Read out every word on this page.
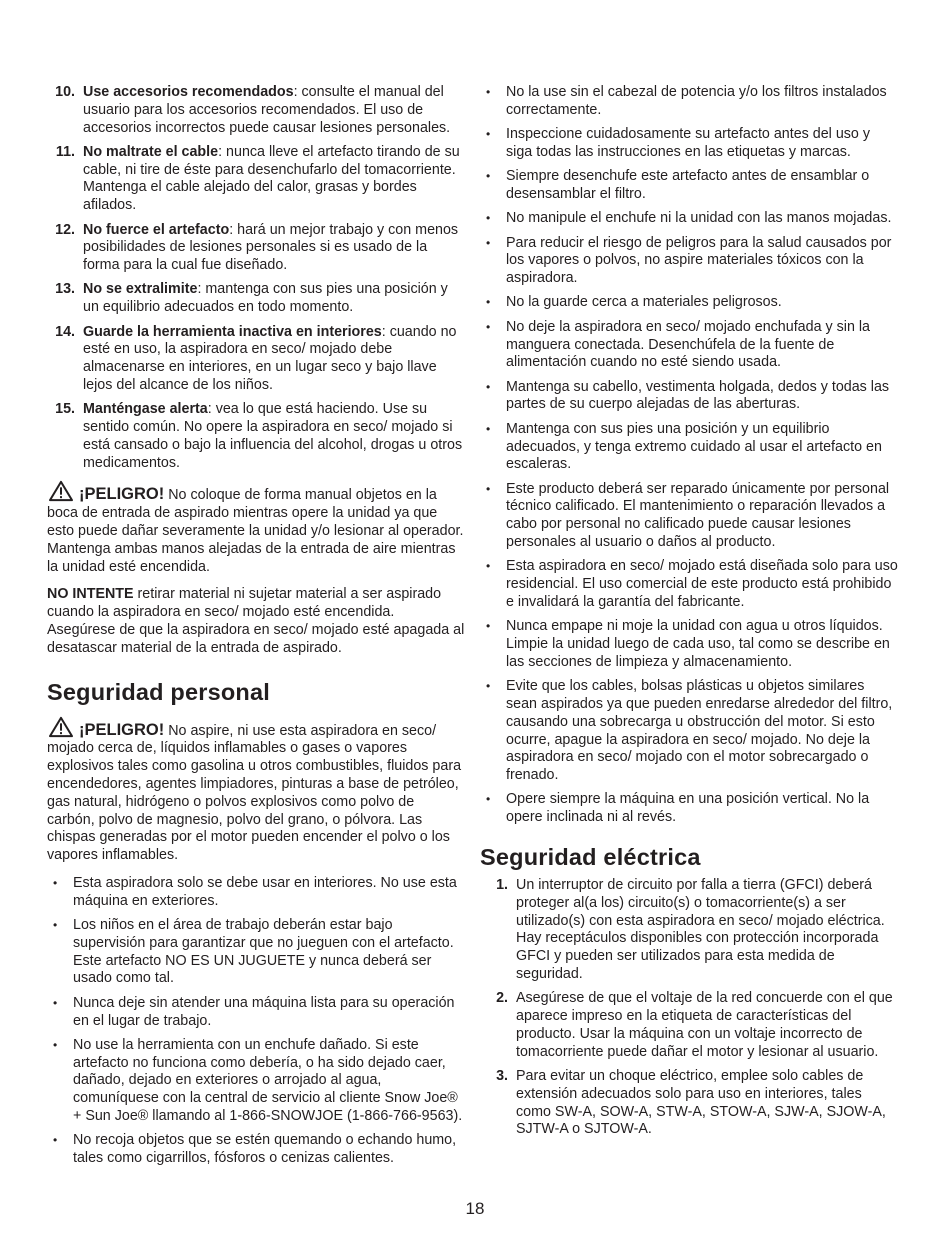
10. Use accesorios recomendados: consulte el manual del usuario para los accesorios recomendados. El uso de accesorios incorrectos puede causar lesiones personales.
11. No maltrate el cable: nunca lleve el artefacto tirando de su cable, ni tire de éste para desenchufarlo del tomacorriente. Mantenga el cable alejado del calor, grasas y bordes afilados.
12. No fuerce el artefacto: hará un mejor trabajo y con menos posibilidades de lesiones personales si es usado de la forma para la cual fue diseñado.
13. No se extralimite: mantenga con sus pies una posición y un equilibrio adecuados en todo momento.
14. Guarde la herramienta inactiva en interiores: cuando no esté en uso, la aspiradora en seco/ mojado debe almacenarse en interiores, en un lugar seco y bajo llave lejos del alcance de los niños.
15. Manténgase alerta: vea lo que está haciendo. Use su sentido común. No opere la aspiradora en seco/ mojado si está cansado o bajo la influencia del alcohol, drogas u otros medicamentos.

¡PELIGRO! No coloque de forma manual objetos en la boca de entrada de aspirado mientras opere la unidad ya que esto puede dañar severamente la unidad y/o lesionar al operador. Mantenga ambas manos alejadas de la entrada de aire mientras la unidad esté encendida.

NO INTENTE retirar material ni sujetar material a ser aspirado cuando la aspiradora en seco/ mojado esté encendida. Asegúrese de que la aspiradora en seco/ mojado esté apagada al desatascar material de la entrada de aspirado.

Seguridad personal

¡PELIGRO! No aspire, ni use esta aspiradora en seco/ mojado cerca de, líquidos inflamables o gases o vapores explosivos tales como gasolina u otros combustibles, fluidos para encendedores, agentes limpiadores, pinturas a base de petróleo, gas natural, hidrógeno o polvos explosivos como polvo de carbón, polvo de magnesio, polvo del grano, o pólvora. Las chispas generadas por el motor pueden encender el polvo o los vapores inflamables.

•	Esta aspiradora solo se debe usar en interiores. No use esta máquina en exteriores.
•	Los niños en el área de trabajo deberán estar bajo supervisión para garantizar que no jueguen con el artefacto. Este artefacto NO ES UN JUGUETE y nunca deberá ser usado como tal.
•	Nunca deje sin atender una máquina lista para su operación en el lugar de trabajo.
•	No use la herramienta con un enchufe dañado. Si este artefacto no funciona como debería, o ha sido dejado caer, dañado, dejado en exteriores o arrojado al agua, comuníquese con la central de servicio al cliente Snow Joe® + Sun Joe® llamando al 1-866-SNOWJOE (1-866-766-9563).
•	No recoja objetos que se estén quemando o echando humo, tales como cigarrillos, fósforos o cenizas calientes.
•	No la use sin el cabezal de potencia y/o los filtros instalados correctamente.
•	Inspeccione cuidadosamente su artefacto antes del uso y siga todas las instrucciones en las etiquetas y marcas.
•	Siempre desenchufe este artefacto antes de ensamblar o desensamblar el filtro.
•	No manipule el enchufe ni la unidad con las manos mojadas.
•	Para reducir el riesgo de peligros para la salud causados por los vapores o polvos, no aspire materiales tóxicos con la aspiradora.
•	No la guarde cerca a materiales peligrosos.
•	No deje la aspiradora en seco/ mojado enchufada y sin la manguera conectada. Desenchúfela de la fuente de alimentación cuando no esté siendo usada.
•	Mantenga su cabello, vestimenta holgada, dedos y todas las partes de su cuerpo alejadas de las aberturas.
•	Mantenga con sus pies una posición y un equilibrio adecuados, y tenga extremo cuidado al usar el artefacto en escaleras.
•	Este producto deberá ser reparado únicamente por personal técnico calificado. El mantenimiento o reparación llevados a cabo por personal no calificado puede causar lesiones personales al usuario o daños al producto.
•	Esta aspiradora en seco/ mojado está diseñada solo para uso residencial. El uso comercial de este producto está prohibido e invalidará la garantía del fabricante.
•	Nunca empape ni moje la unidad con agua u otros líquidos. Limpie la unidad luego de cada uso, tal como se describe en las secciones de limpieza y almacenamiento.
•	Evite que los cables, bolsas plásticas u objetos similares sean aspirados ya que pueden enredarse alrededor del filtro, causando una sobrecarga u obstrucción del motor. Si esto ocurre, apague la aspiradora en seco/ mojado. No deje la aspiradora en seco/ mojado con el motor sobrecargado o frenado.
•	Opere siempre la máquina en una posición vertical. No la opere inclinada ni al revés.
Seguridad eléctrica
1. Un interruptor de circuito por falla a tierra (GFCI) deberá proteger al(a los) circuito(s) o tomacorriente(s) a ser utilizado(s) con esta aspiradora en seco/ mojado eléctrica. Hay receptáculos disponibles con protección incorporada GFCI y pueden ser utilizados para esta medida de seguridad.
2. Asegúrese de que el voltaje de la red concuerde con el que aparece impreso en la etiqueta de características del producto. Usar la máquina con un voltaje incorrecto de tomacorriente puede dañar el motor y lesionar al usuario.
3. Para evitar un choque eléctrico, emplee solo cables de extensión adecuados solo para uso en interiores, tales como SW-A, SOW-A, STW-A, STOW-A, SJW-A, SJOW-A, SJTW-A o SJTOW-A.
18
